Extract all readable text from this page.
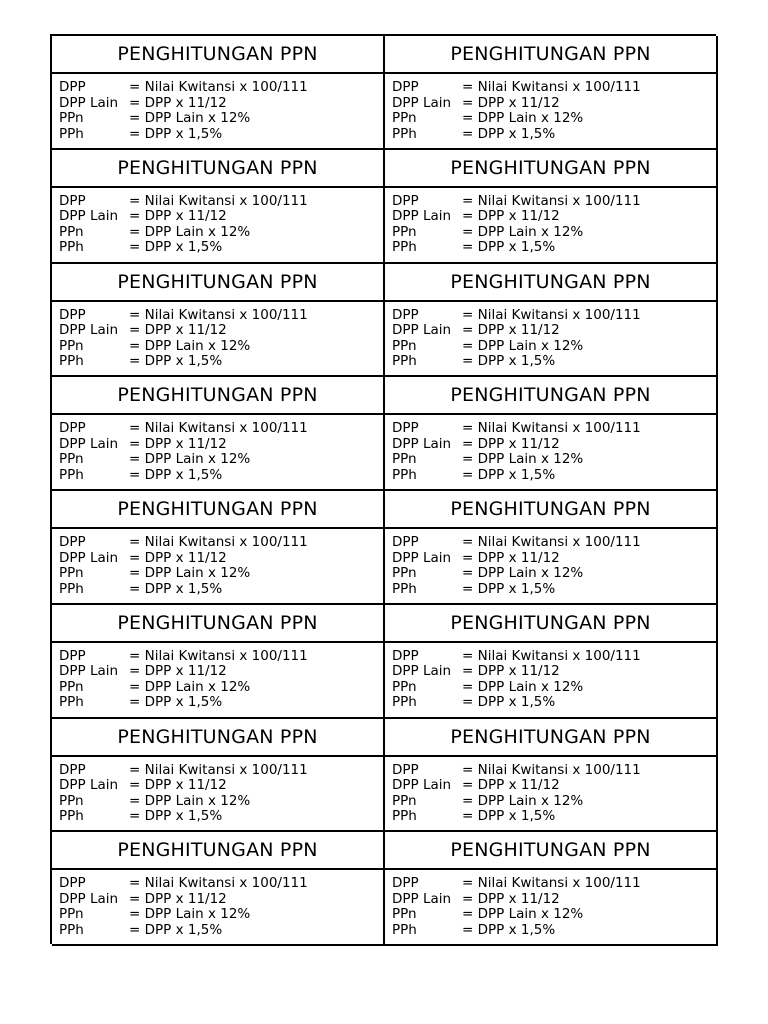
PENGHITUNGAN PPN
DPP	= Nilai Kwitansi x 100/111
DPP Lain = DPP x 11/12
PPn	= DPP Lain x 12%
PPh	= DPP x 1,5%
PENGHITUNGAN PPN
DPP	= Nilai Kwitansi x 100/111
DPP Lain = DPP x 11/12
PPn	= DPP Lain x 12%
PPh	= DPP x 1,5%
PENGHITUNGAN PPN
DPP	= Nilai Kwitansi x 100/111
DPP Lain = DPP x 11/12
PPn	= DPP Lain x 12%
PPh	= DPP x 1,5%
PENGHITUNGAN PPN
DPP	= Nilai Kwitansi x 100/111
DPP Lain = DPP x 11/12
PPn	= DPP Lain x 12%
PPh	= DPP x 1,5%
PENGHITUNGAN PPN
DPP	= Nilai Kwitansi x 100/111
DPP Lain = DPP x 11/12
PPn	= DPP Lain x 12%
PPh	= DPP x 1,5%
PENGHITUNGAN PPN
DPP	= Nilai Kwitansi x 100/111
DPP Lain = DPP x 11/12
PPn	= DPP Lain x 12%
PPh	= DPP x 1,5%
PENGHITUNGAN PPN
DPP	= Nilai Kwitansi x 100/111
DPP Lain = DPP x 11/12
PPn	= DPP Lain x 12%
PPh	= DPP x 1,5%
PENGHITUNGAN PPN
DPP	= Nilai Kwitansi x 100/111
DPP Lain = DPP x 11/12
PPn	= DPP Lain x 12%
PPh	= DPP x 1,5%
PENGHITUNGAN PPN
DPP	= Nilai Kwitansi x 100/111
DPP Lain = DPP x 11/12
PPn	= DPP Lain x 12%
PPh	= DPP x 1,5%
PENGHITUNGAN PPN
DPP	= Nilai Kwitansi x 100/111
DPP Lain = DPP x 11/12
PPn	= DPP Lain x 12%
PPh	= DPP x 1,5%
PENGHITUNGAN PPN
DPP	= Nilai Kwitansi x 100/111
DPP Lain = DPP x 11/12
PPn	= DPP Lain x 12%
PPh	= DPP x 1,5%
PENGHITUNGAN PPN
DPP	= Nilai Kwitansi x 100/111
DPP Lain = DPP x 11/12
PPn	= DPP Lain x 12%
PPh	= DPP x 1,5%
PENGHITUNGAN PPN
DPP	= Nilai Kwitansi x 100/111
DPP Lain = DPP x 11/12
PPn	= DPP Lain x 12%
PPh	= DPP x 1,5%
PENGHITUNGAN PPN
DPP	= Nilai Kwitansi x 100/111
DPP Lain = DPP x 11/12
PPn	= DPP Lain x 12%
PPh	= DPP x 1,5%
PENGHITUNGAN PPN
DPP	= Nilai Kwitansi x 100/111
DPP Lain = DPP x 11/12
PPn	= DPP Lain x 12%
PPh	= DPP x 1,5%
PENGHITUNGAN PPN
DPP	= Nilai Kwitansi x 100/111
DPP Lain = DPP x 11/12
PPn	= DPP Lain x 12%
PPh	= DPP x 1,5%
